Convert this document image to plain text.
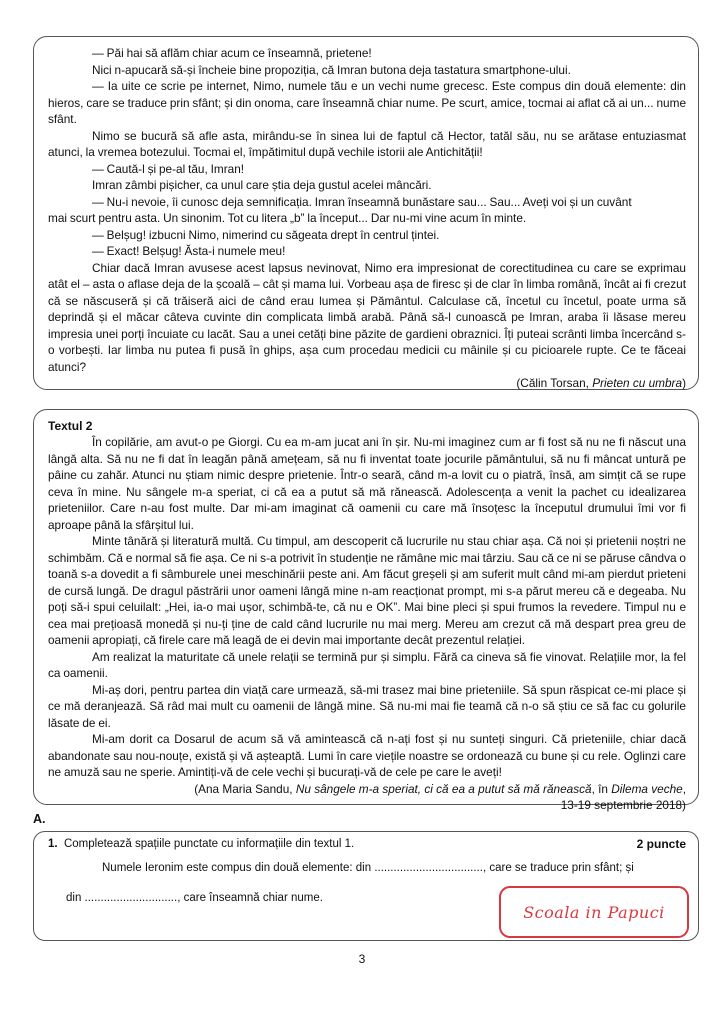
— Păi hai să aflăm chiar acum ce înseamnă, prietene!

Nici n-apucară să-și încheie bine propoziția, că Imran butona deja tastatura smartphone-ului.

— Ia uite ce scrie pe internet, Nimo, numele tău e un vechi nume grecesc. Este compus din două elemente: din hieros, care se traduce prin sfânt; și din onoma, care înseamnă chiar nume. Pe scurt, amice, tocmai ai aflat că ai un... nume sfânt.

Nimo se bucură să afle asta, mirându-se în sinea lui de faptul că Hector, tatăl său, nu se arătase entuziasmat atunci, la vremea botezului. Tocmai el, împătimitul după vechile istorii ale Antichității!

— Caută-l și pe-al tău, Imran!

Imran zâmbi pișicher, ca unul care știa deja gustul acelei mâncări.

— Nu-i nevoie, îi cunosc deja semnificația. Imran înseamnă bunăstare sau... Sau... Aveți voi și un cuvânt

mai scurt pentru asta. Un sinonim. Tot cu litera „b” la început... Dar nu-mi vine acum în minte.

— Belșug! izbucni Nimo, nimerind cu săgeata drept în centrul țintei.

— Exact! Belșug! Ăsta-i numele meu!

Chiar dacă Imran avusese acest lapsus nevinovat, Nimo era impresionat de corectitudinea cu care se exprimau atât el – asta o aflase deja de la școală – cât și mama lui. Vorbeau așa de firesc și de clar în limba română, încât ai fi crezut că se născuseră și că trăiseră aici de când erau lumea și Pământul. Calculase că, încetul cu încetul, poate urma să deprindă și el măcar câteva cuvinte din complicata limbă arabă. Până să-l cunoască pe Imran, araba îi lăsase mereu impresia unei porți încuiate cu lacăt. Sau a unei cetăți bine păzite de gardieni obraznici. Îți puteai scrânti limba încercând s-o vorbești. Iar limba nu putea fi pusă în ghips, așa cum procedau medicii cu mâinile și cu picioarele rupte. Ce te făceai atunci?

(Călin Torsan, Prieten cu umbra)
Textul 2

În copilărie, am avut-o pe Giorgi. Cu ea m-am jucat ani în șir. Nu-mi imaginez cum ar fi fost să nu ne fi născut una lângă alta. Să nu ne fi dat în leagăn până amețeam, să nu fi inventat toate jocurile pământului, să nu fi mâncat untură pe pâine cu zahăr. Atunci nu știam nimic despre prietenie. Într-o seară, când m-a lovit cu o piatră, însă, am simțit că se rupe ceva în mine. Nu sângele m-a speriat, ci că ea a putut să mă rănească. Adolescența a venit la pachet cu idealizarea prieteniilor. Care n-au fost multe. Dar mi-am imaginat că oamenii cu care mă însoțesc la începutul drumului îmi vor fi aproape până la sfârșitul lui.

Minte tânără și literatură multă. Cu timpul, am descoperit că lucrurile nu stau chiar așa. Că noi și prietenii noștri ne schimbăm. Că e normal să fie așa. Ce ni s-a potrivit în studenție ne rămâne mic mai târziu. Sau că ce ni se păruse cândva o toană s-a dovedit a fi sâmburele unei meschinării peste ani. Am făcut greșeli și am suferit mult când mi-am pierdut prieteni de cursă lungă. De dragul păstrării unor oameni lângă mine n-am reacționat prompt, mi s-a părut mereu că e degeaba. Nu poți să-i spui celuilalt: „Hei, ia-o mai ușor, schimbă-te, că nu e OK”. Mai bine pleci și spui frumos la revedere. Timpul nu e cea mai prețioasă monedă și nu-ți ține de cald când lucrurile nu mai merg. Mereu am crezut că mă despart prea greu de oamenii apropiați, că firele care mă leagă de ei devin mai importante decât prezentul relației.

Am realizat la maturitate că unele relații se termină pur și simplu. Fără ca cineva să fie vinovat. Relațiile mor, la fel ca oamenii.

Mi-aș dori, pentru partea din viață care urmează, să-mi trasez mai bine prieteniile. Să spun răspicat ce-mi place și ce mă deranjează. Să râd mai mult cu oamenii de lângă mine. Să nu-mi mai fie teamă că n-o să știu ce să fac cu golurile lăsate de ei.

Mi-am dorit ca Dosarul de acum să vă amintească că n-ați fost și nu sunteți singuri. Că prieteniile, chiar dacă abandonate sau nou-nouțe, există și vă așteaptă. Lumi în care viețile noastre se ordonează cu bune și cu rele. Oglinzi care ne amuză sau ne sperie. Amintiți-vă de cele vechi și bucurați-vă de cele pe care le aveți!

(Ana Maria Sandu, Nu sângele m-a speriat, ci că ea a putut să mă rănească, în Dilema veche,
13-19 septembrie 2018)
A.
1. Completează spațiile punctate cu informațiile din textul 1.	2 puncte
Numele Ieronim este compus din două elemente: din .................................., care se traduce prin sfânt; și
din ............................., care înseamnă chiar nume.
Scoala in Papuci
3
